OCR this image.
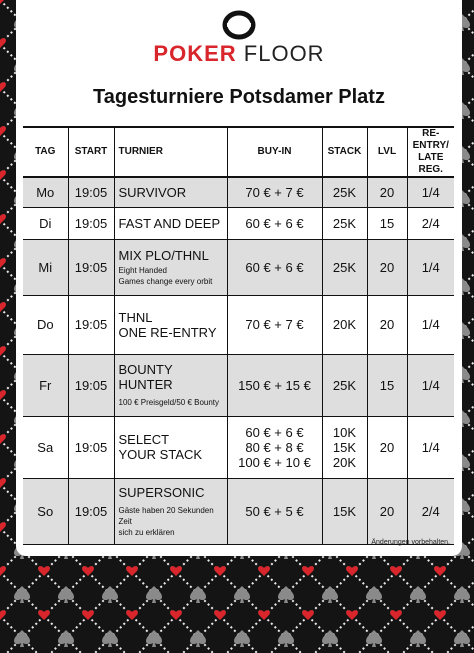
POKER FLOOR
Tagesturniere Potsdamer Platz
TAG	START	TURNIER	BUY-IN	STACK	LVL	RE-ENTRY/
LATE REG.
Mo	19:05	SURVIVOR	70 € + 7 €	25K	20	1/4
Di	19:05	FAST AND DEEP	60 € + 6 €	25K	15	2/4
Mi	19:05	MIX PLO/THNL
Eight Handed
Games change every orbit	60 € + 6 €	25K	20	1/4
Do	19:05	THNL
ONE RE-ENTRY	70 € + 7 €	20K	20	1/4
Fr	19:05	BOUNTY HUNTER
100 € Preisgeld/50 € Bounty	150 € + 15 €	25K	15	1/4
Sa	19:05	SELECT
YOUR STACK	60 € + 6 €
80 € + 8 €
100 € + 10 €	10K
15K
20K	20	1/4
So	19:05	SUPERSONIC
Gäste haben 20 Sekunden Zeit
sich zu erklären	50 € + 5 €	15K	20	2/4
Änderungen vorbehalten.
